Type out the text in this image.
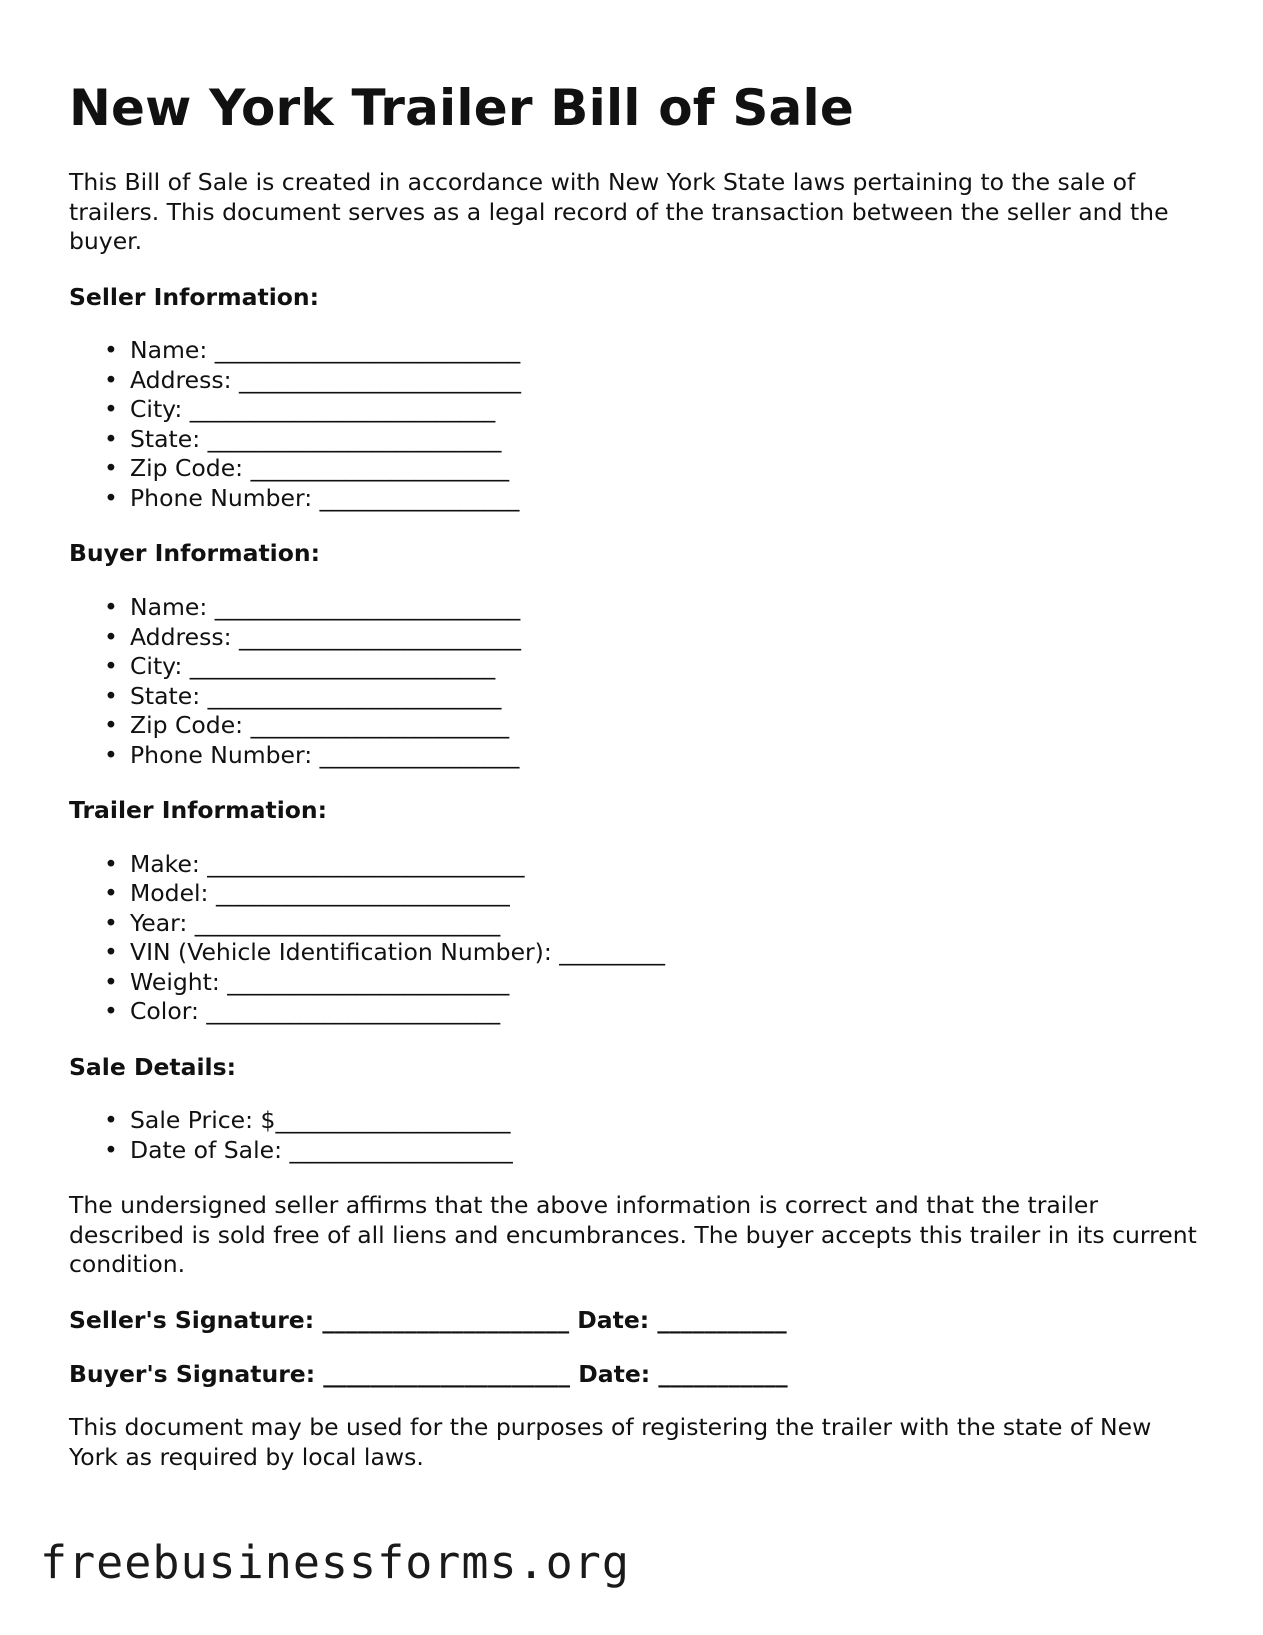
New York Trailer Bill of Sale

This Bill of Sale is created in accordance with New York State laws pertaining to the sale of trailers. This document serves as a legal record of the transaction between the seller and the buyer.

Seller Information:
• Name: __________________________
• Address: ________________________
• City: __________________________
• State: _________________________
• Zip Code: ______________________
• Phone Number: _________________
Buyer Information:
• Name: __________________________
• Address: ________________________
• City: __________________________
• State: _________________________
• Zip Code: ______________________
• Phone Number: _________________
Trailer Information:
• Make: ___________________________
• Model: _________________________
• Year: __________________________
• VIN (Vehicle Identification Number): _________
• Weight: ________________________
• Color: _________________________
Sale Details:
• Sale Price: $____________________
• Date of Sale: ___________________

The undersigned seller affirms that the above information is correct and that the trailer described is sold free of all liens and encumbrances. The buyer accepts this trailer in its current condition.

Seller's Signature: _____________________ Date: ___________
Buyer's Signature: _____________________ Date: ___________

This document may be used for the purposes of registering the trailer with the state of New York as required by local laws.

freebusinessforms.org
